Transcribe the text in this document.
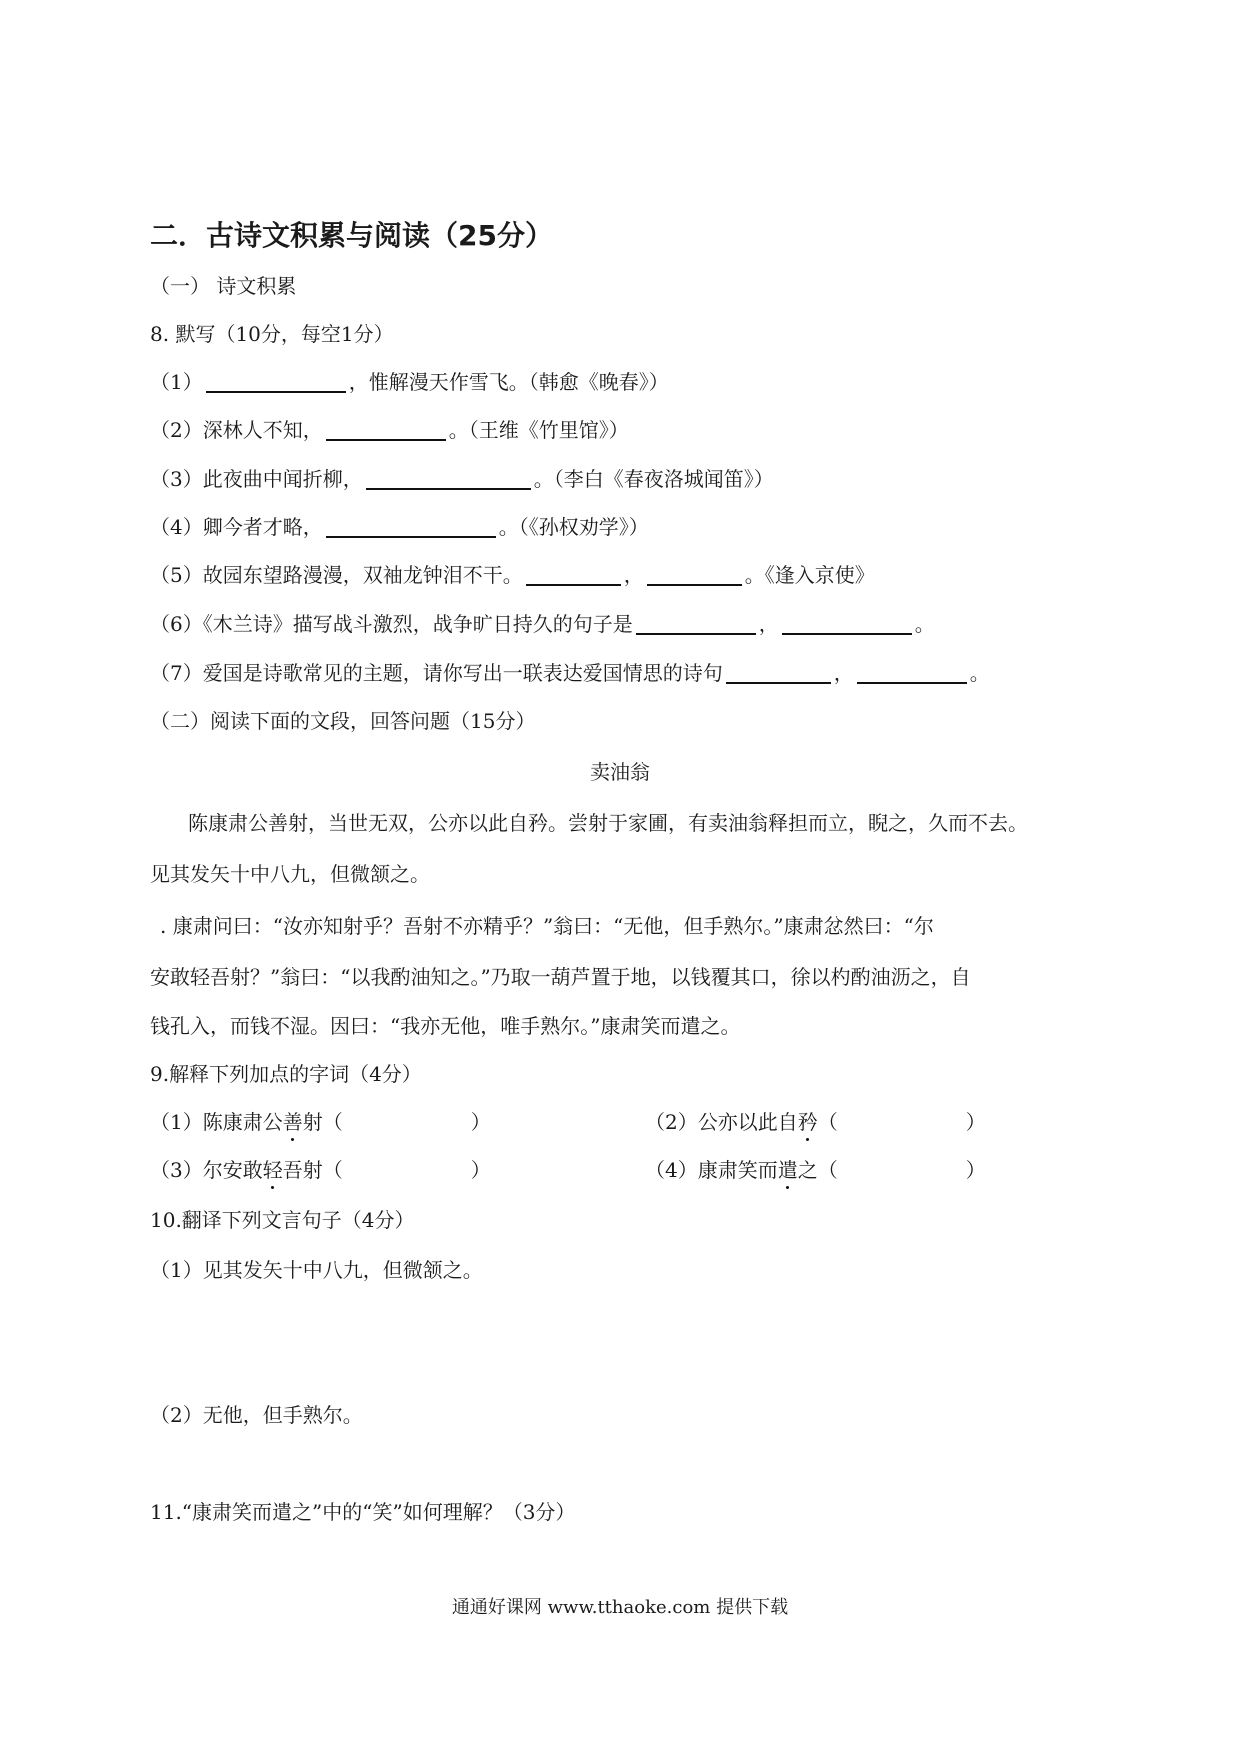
二．古诗文积累与阅读（25分）
（一） 诗文积累
8. 默写（10分，每空1分）
（1）	，惟解漫天作雪飞。（韩愈《晚春》）
（2）深林人不知，	。（王维《竹里馆》）
（3）此夜曲中闻折柳，	。（李白《春夜洛城闻笛》）
（4）卿今者才略，	。（《孙权劝学》）
（5）故园东望路漫漫，双袖龙钟泪不干。	，	。《逢入京使》
（6）《木兰诗》描写战斗激烈，战争旷日持久的句子是	，	。
（7）爱国是诗歌常见的主题，请你写出一联表达爱国情思的诗句	，	。
（二）阅读下面的文段，回答问题（15分）
卖油翁
陈康肃公善射，当世无双，公亦以此自矜。尝射于家圃，有卖油翁释担而立，睨之，久而不去。
见其发矢十中八九，但微颔之。
. 康肃问曰：“汝亦知射乎？吾射不亦精乎？”翁曰：“无他，但手熟尔。”康肃忿然曰：“尔
安敢轻吾射？”翁曰：“以我酌油知之。”乃取一葫芦置于地，以钱覆其口，徐以杓酌油沥之，自
钱孔入，而钱不湿。因曰：“我亦无他，唯手熟尔。”康肃笑而遣之。
9.解释下列加点的字词（4分）
（1）陈康肃公善射（	）	（2）公亦以此自矜（	）
（3）尔安敢轻吾射（	）	（4）康肃笑而遣之（	）
10.翻译下列文言句子（4分）
（1）见其发矢十中八九，但微颔之。
（2）无他，但手熟尔。
11.“康肃笑而遣之”中的“笑”如何理解？（3分）
通通好课网 www.tthaoke.com 提供下载
